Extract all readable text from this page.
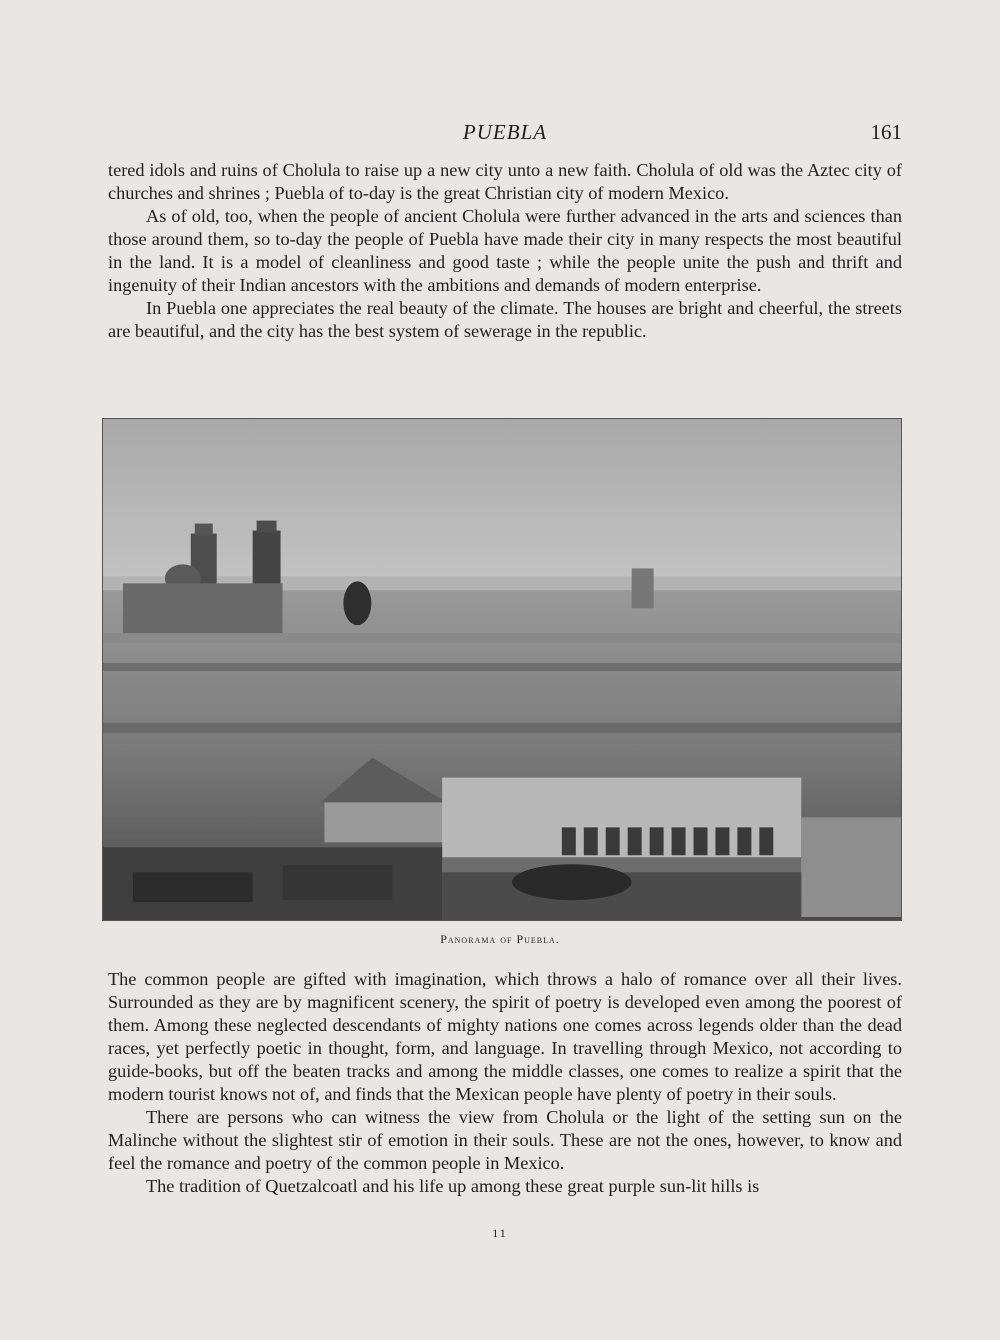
PUEBLA	161

tered idols and ruins of Cholula to raise up a new city unto a new faith. Cholula of old was the Aztec city of churches and shrines ; Puebla of to-day is the great Christian city of modern Mexico.

As of old, too, when the people of ancient Cholula were further advanced in the arts and sciences than those around them, so to-day the people of Puebla have made their city in many respects the most beautiful in the land. It is a model of cleanliness and good taste ; while the people unite the push and thrift and ingenuity of their Indian ancestors with the ambitions and demands of modern enterprise.

In Puebla one appreciates the real beauty of the climate. The houses are bright and cheerful, the streets are beautiful, and the city has the best system of sewerage in the republic.

Panorama of Puebla.

The common people are gifted with imagination, which throws a halo of romance over all their lives. Surrounded as they are by magnificent scenery, the spirit of poetry is developed even among the poorest of them. Among these neglected descendants of mighty nations one comes across legends older than the dead races, yet perfectly poetic in thought, form, and language. In travelling through Mexico, not according to guide-books, but off the beaten tracks and among the middle classes, one comes to realize a spirit that the modern tourist knows not of, and finds that the Mexican people have plenty of poetry in their souls.

There are persons who can witness the view from Cholula or the light of the setting sun on the Malinche without the slightest stir of emotion in their souls. These are not the ones, however, to know and feel the romance and poetry of the common people in Mexico.

The tradition of Quetzalcoatl and his life up among these great purple sun-lit hills is

11
